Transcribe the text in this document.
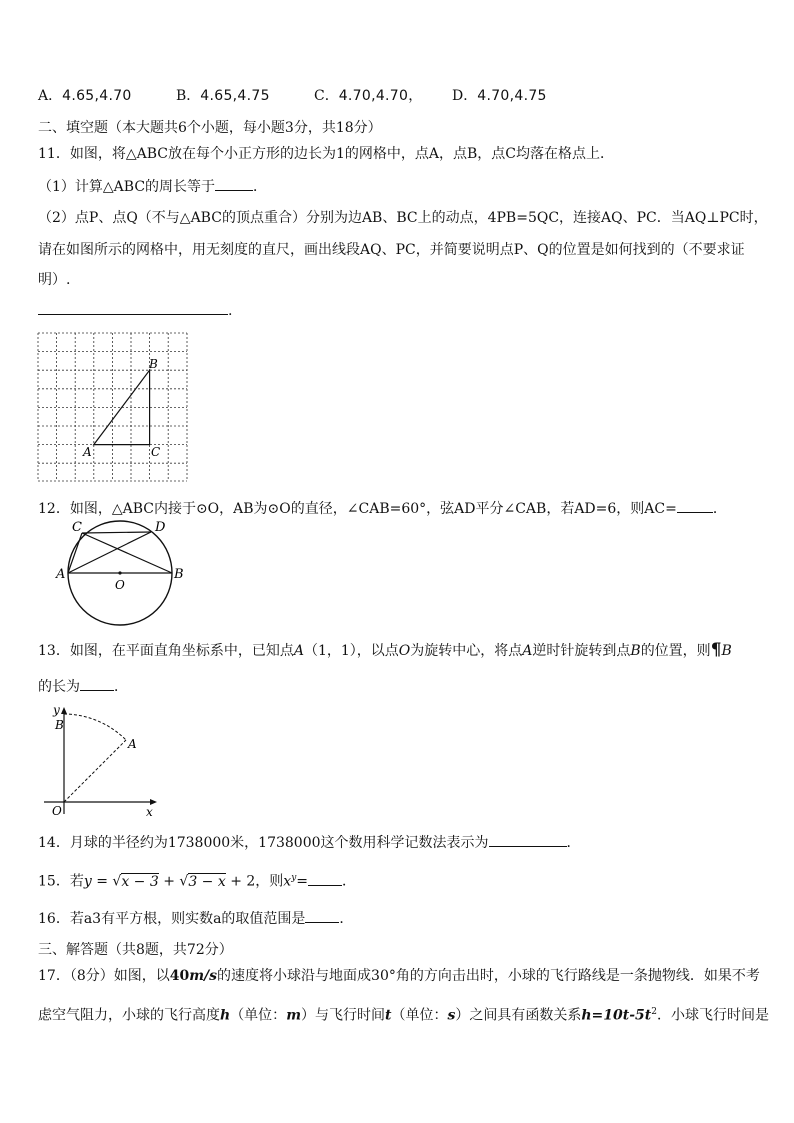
A．4.65,4.70	B．4.65,4.75	C．4.70,4.70， D．4.70,4.75
二、填空题（本大题共6个小题，每小题3分，共18分）
11．如图，将△ABC放在每个小正方形的边长为1的网格中，点A，点B，点C均落在格点上．
（1）计算△ABC的周长等于	．
（2）点P、点Q（不与△ABC的顶点重合）分别为边AB、BC上的动点，4PB=5QC，连接AQ、PC．当AQ⊥PC时，
请在如图所示的网格中，用无刻度的直尺，画出线段AQ、PC，并简要说明点P、Q的位置是如何找到的（不要求证
明）.
.
B
A	C
12．如图，△ABC内接于⊙O，AB为⊙O的直径，∠CAB=60°，弦AD平分∠CAB，若AD=6，则AC=	．
A	B
C	D
O
13．如图，在平面直角坐标系中，已知点A（1，1），以点O为旋转中心，将点A逆时针旋转到点B的位置，则¶B
的长为 ．
y
B
A
O	x
14．月球的半径约为1738000米，1738000这个数用科学记数法表示为	．
15．若y = √x − 3 + √3 − x + 2，则$x^y=$ ．
16．若a3有平方根，则实数a的取值范围是 ．
三、解答题（共8题，共72分）
17．（8分）如图，以40m/s的速度将小球沿与地面成30°角的方向击出时，小球的飞行路线是一条抛物线．如果不考
虑空气阻力，小球的飞行高度h（单位：m）与飞行时间t（单位：s）之间具有函数关系$h=10t-5t^2$．小球飞行时间是
